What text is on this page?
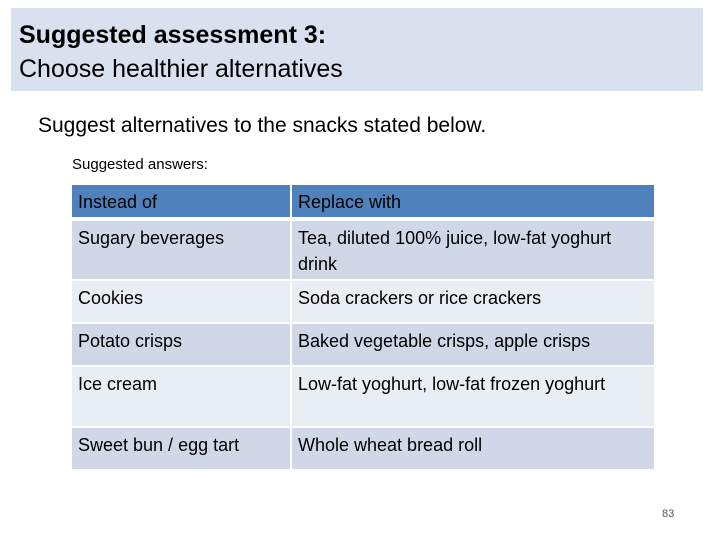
Suggested assessment 3:
Choose healthier alternatives
Suggest alternatives to the snacks stated below.
Suggested answers:
Instead of	Replace with
Sugary beverages	Tea, diluted 100% juice, low-fat yoghurt drink
Cookies	Soda crackers or rice crackers
Potato crisps	Baked vegetable crisps, apple crisps
Ice cream	Low-fat yoghurt, low-fat frozen yoghurt
Sweet bun / egg tart	Whole wheat bread roll
83
